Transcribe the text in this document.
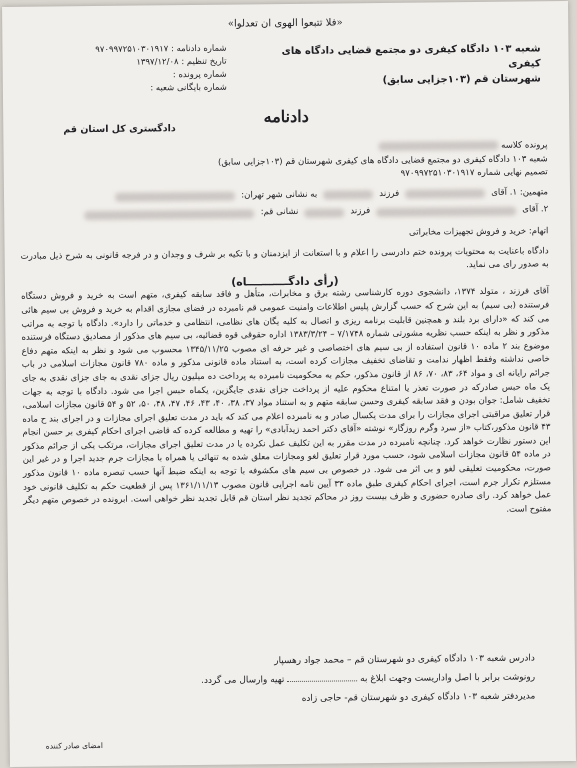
«فلا تتبعوا الهوی ان تعدلوا»
شعبه ۱۰۳ دادگاه کیفری دو مجتمع قضایی دادگاه های کیفری
شهرستان قم (۱۰۳جزایی سابق)
شماره دادنامه : ۹۷۰۹۹۷۲۵۱۰۳۰۱۹۱۷
تاریخ تنظیم : ۱۳۹۷/۱۲/۰۸
شماره پرونده :
شماره بایگانی شعبه :
دادنامه
دادگستری کل استان قم

پرونده کلاسه

شعبه ۱۰۳ دادگاه کیفری دو مجتمع قضایی دادگاه های کیفری شهرستان قم (۱۰۳جزایی سابق)

تصمیم نهایی شماره ۹۷۰۹۹۷۲۵۱۰۳۰۱۹۱۷

متهمین: ۱. آقای
فرزند
به نشانی شهر تهران:

۲. آقای
فرزند
نشانی قم:

اتهام: خرید و فروش تجهیزات مخابراتی

دادگاه باعنایت به محتویات پرونده ختم دادرسی را اعلام و با استعانت از ایزدمنان و با تکیه بر شرف و وجدان و در فرجه قانونی به شرح ذیل مبادرت به صدور رای می نماید.

(رأی دادگـــــــــــاه)

آقای فرزند ، متولد ۱۳۷۴، دانشجوی دوره کارشناسی رشته برق و مخابرات، متأهل و فاقد سابقه کیفری، متهم است به خرید و فروش دستگاه فرستنده (بی سیم) به این شرح که حسب گزارش پلیس اطلاعات وامنیت عمومی قم نامبرده در فضای مجازی اقدام به خرید و فروش بی سیم هائی می کند که «دارای برد بلند و همچنین قابلیت برنامه ریزی و اتصال به کلیه یگان های نظامی، انتظامی و خدماتی را دارد». دادگاه با توجه به مراتب مذکور و نظر به اینکه حسب نظریه مشورتی شماره ۷/۱۷۴۸ – ۱۳۸۳/۳/۲۴ اداره حقوقی قوه قضائیه، بی سیم های مذکور از مصادیق دستگاه فرستنده موضوع بند ۲ ماده ۱۰ قانون استفاده از بی سیم های اختصاصی و غیر حرفه ای مصوب ۱۳۴۵/۱۱/۲۵ محسوب می شود و نظر به اینکه متهم دفاع خاصی نداشته وفقط اظهار ندامت و تقاضای تخفیف مجازات کرده است، به استناد ماده قانونی مذکور و ماده ۷۸۰ قانون مجازات اسلامی در باب جرائم رایانه ای و مواد ۶۴، ۸۳، ۷۰، ۸۶ از قانون مذکور، حکم به محکومیت نامبرده به پرداخت ده میلیون ریال جزای نقدی به جای جزای نقدی به جای یک ماه حبس صادرکه در صورت تعذر یا امتناع محکوم علیه از پرداخت جزای نقدی جایگزین، یکماه حبس اجرا می شود. دادگاه با توجه به جهات تخفیف شامل: جوان بودن و فقد سابقه کیفری وحسن سابقه متهم و به استناد مواد ۳۷، ۳۸، ۴۰، ۴۳، ۴۶، ۴۷، ۴۸، ۵۰، ۵۲ و ۵۴ قانون مجازات اسلامی، قرار تعلیق مراقبتی اجرای مجازات را برای مدت یکسال صادر و به نامبرده اعلام می کند که باید در مدت تعلیق اجرای مجازات و در اجرای بند ح ماده ۴۳ قانون مذکور،کتاب «از سرد وگرم روزگار» نوشته «آقای دکتر احمد زیدآبادی» را تهیه و مطالعه کرده که قاضی اجرای احکام کیفری بر حسن انجام این دستور نظارت خواهد کرد. چنانچه نامبرده در مدت مقرر به این تکلیف عمل نکرده یا در مدت تعلیق اجرای مجازات، مرتکب یکی از جرائم مذکور در ماده ۵۴ قانون مجازات اسلامی شود، حسب مورد قرار تعلیق لغو ومجازات معلق شده به تنهائی یا همراه با مجازات جرم جدید اجرا و در غیر این صورت، محکومیت تعلیقی لغو و بی اثر می شود. در خصوص بی سیم های مکشوفه با توجه به اینکه ضبط آنها حسب تبصره ماده ۱۰ قانون مذکور مستلزم تکرار جرم است، اجرای احکام کیفری طبق ماده ۳۳ آیین نامه اجرایی قانون مصوب ۱۳۶۱/۱۱/۱۳ پس از قطعیت حکم به تکلیف قانونی خود عمل خواهد کرد. رای صادره حضوری و ظرف بیست روز در محاکم تجدید نظر استان قم قابل تجدید نظر خواهی است. ابرونده در خصوص متهم دیگر مفتوح است.

دادرس شعبه ۱۰۳ دادگاه کیفری دو شهرستان قم – محمد جواد رهسپار
رونوشت برابر با اصل واداریست وجهت ابلاغ به  تهیه وارسال می گردد.
مدیردفتر شعبه ۱۰۳ دادگاه کیفری دو شهرستان قم- حاجی زاده
امضای صادر کننده
